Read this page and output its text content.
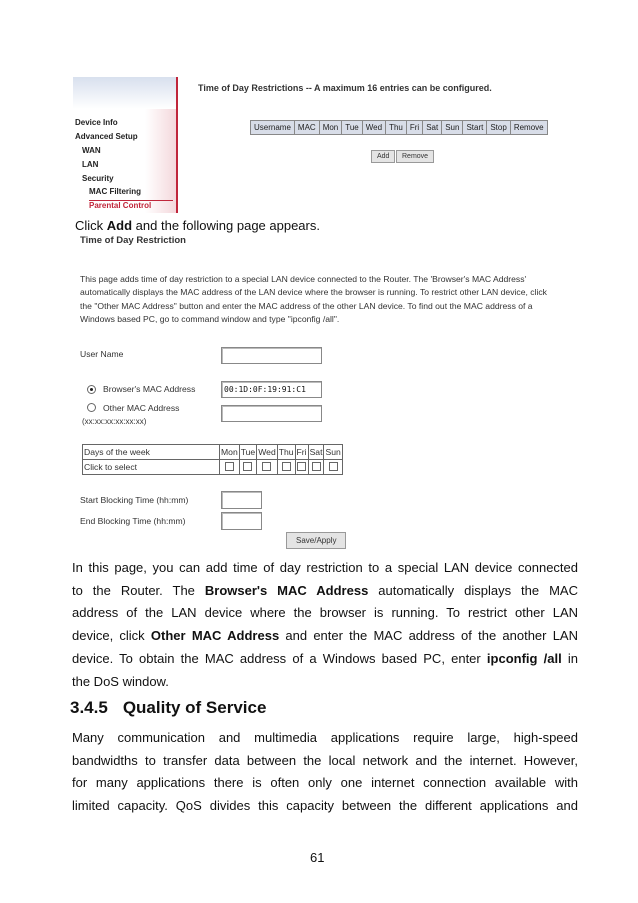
Device Info
Advanced Setup
WAN
LAN
Security
MAC Filtering
Parental Control
Time of Day Restrictions -- A maximum 16 entries can be configured.
Username	MAC	Mon	Tue	Wed	Thu	Fri	Sat	Sun	Start	Stop	Remove
Add	Remove
Click Add and the following page appears.
Time of Day Restriction
This page adds time of day restriction to a special LAN device connected to the Router. The 'Browser's MAC Address' automatically displays the MAC address of the LAN device where the browser is running. To restrict other LAN device, click the "Other MAC Address" button and enter the MAC address of the other LAN device. To find out the MAC address of a Windows based PC, go to command window and type "ipconfig /all".
User Name
Browser's MAC Address	00:1D:0F:19:91:C1
Other MAC Address
(xx:xx:xx:xx:xx:xx)
Days of the week	Mon	Tue	Wed	Thu	Fri	Sat	Sun
Click to select							
Start Blocking Time (hh:mm)
End Blocking Time (hh:mm)
Save/Apply
In this page, you can add time of day restriction to a special LAN device connected
to the Router. The Browser's MAC Address automatically displays the MAC
address of the LAN device where the browser is running. To restrict other LAN
device, click Other MAC Address and enter the MAC address of the another LAN
device. To obtain the MAC address of a Windows based PC, enter ipconfig /all in
the DoS window.
3.4.5 Quality of Service
Many communication and multimedia applications require large, high-speed
bandwidths to transfer data between the local network and the internet. However,
for many applications there is often only one internet connection available with
limited capacity. QoS divides this capacity between the different applications and
61
